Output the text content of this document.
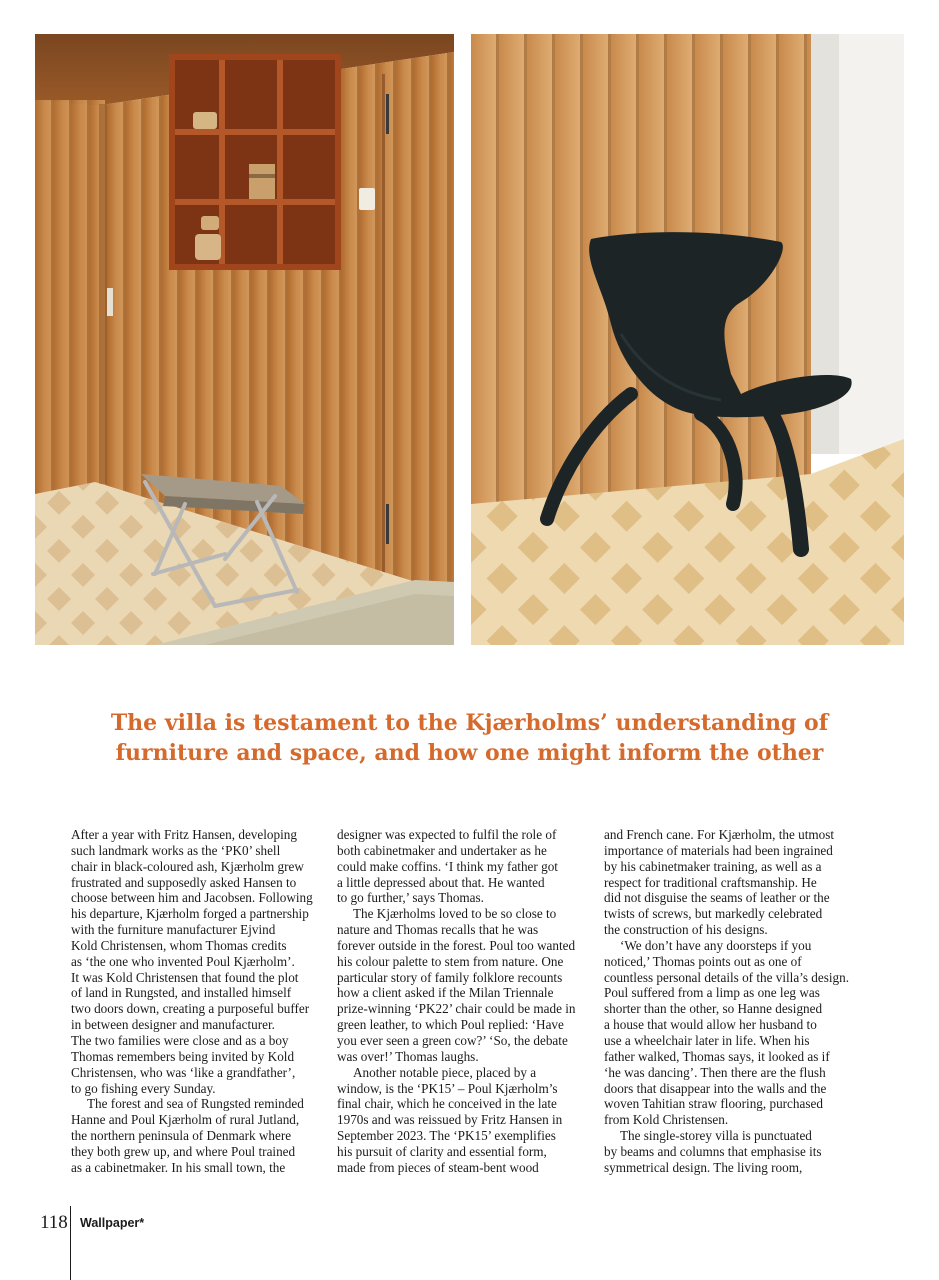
The villa is testament to the Kjærholms’ understanding of
furniture and space, and how one might inform the other

After a year with Fritz Hansen, developing
such landmark works as the ‘PK0’ shell
chair in black-coloured ash, Kjærholm grew
frustrated and supposedly asked Hansen to
choose between him and Jacobsen. Following
his departure, Kjærholm forged a partnership
with the furniture manufacturer Ejvind
Kold Christensen, whom Thomas credits
as ‘the one who invented Poul Kjærholm’.
It was Kold Christensen that found the plot
of land in Rungsted, and installed himself
two doors down, creating a purposeful buffer
in between designer and manufacturer.
The two families were close and as a boy
Thomas remembers being invited by Kold
Christensen, who was ‘like a grandfather’,
to go fishing every Sunday.

The forest and sea of Rungsted reminded
Hanne and Poul Kjærholm of rural Jutland,
the northern peninsula of Denmark where
they both grew up, and where Poul trained
as a cabinetmaker. In his small town, the

designer was expected to fulfil the role of
both cabinetmaker and undertaker as he
could make coffins. ‘I think my father got
a little depressed about that. He wanted
to go further,’ says Thomas.

The Kjærholms loved to be so close to
nature and Thomas recalls that he was
forever outside in the forest. Poul too wanted
his colour palette to stem from nature. One
particular story of family folklore recounts
how a client asked if the Milan Triennale
prize-winning ‘PK22’ chair could be made in
green leather, to which Poul replied: ‘Have
you ever seen a green cow?’ ‘So, the debate
was over!’ Thomas laughs.

Another notable piece, placed by a
window, is the ‘PK15’ – Poul Kjærholm’s
final chair, which he conceived in the late
1970s and was reissued by Fritz Hansen in
September 2023. The ‘PK15’ exemplifies
his pursuit of clarity and essential form,
made from pieces of steam-bent wood

and French cane. For Kjærholm, the utmost
importance of materials had been ingrained
by his cabinetmaker training, as well as a
respect for traditional craftsmanship. He
did not disguise the seams of leather or the
twists of screws, but markedly celebrated
the construction of his designs.

‘We don’t have any doorsteps if you
noticed,’ Thomas points out as one of
countless personal details of the villa’s design.
Poul suffered from a limp as one leg was
shorter than the other, so Hanne designed
a house that would allow her husband to
use a wheelchair later in life. When his
father walked, Thomas says, it looked as if
‘he was dancing’. Then there are the flush
doors that disappear into the walls and the
woven Tahitian straw flooring, purchased
from Kold Christensen.

The single-storey villa is punctuated
by beams and columns that emphasise its
symmetrical design. The living room,

118 Wallpaper*
